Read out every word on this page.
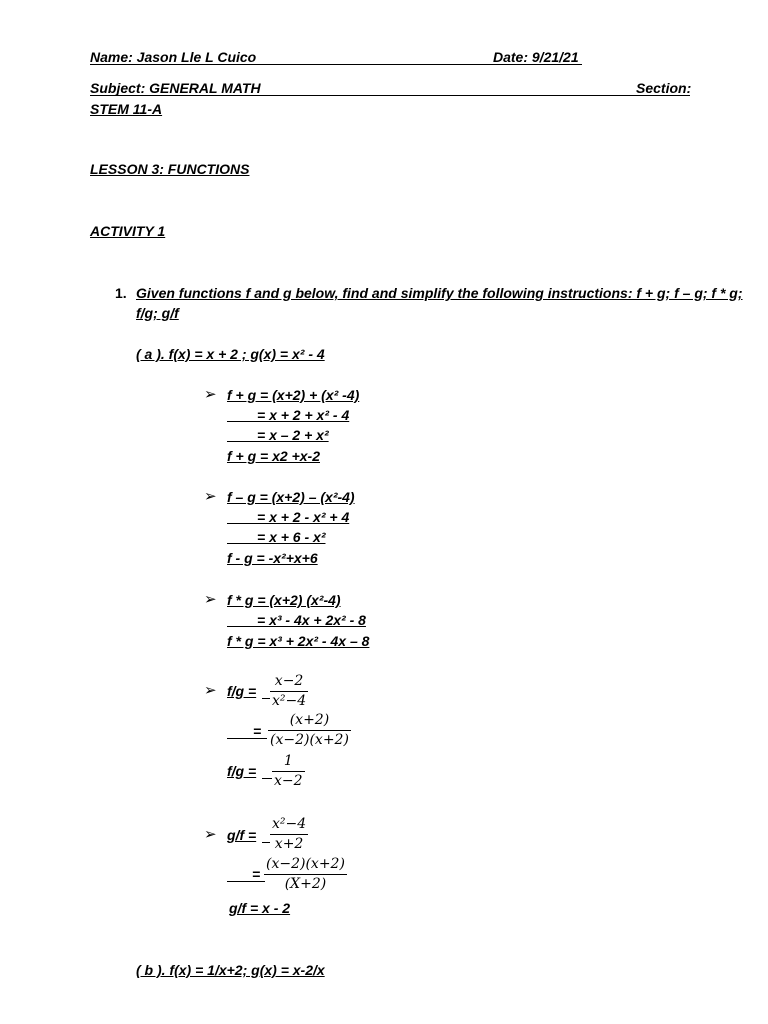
Name: Jason Lle L Cuico	Date: 9/21/21
Subject: GENERAL MATH	Section:
STEM 11-A
LESSON 3: FUNCTIONS
ACTIVITY 1
1. Given functions f and g below, find and simplify the following instructions: f + g; f – g; f * g;
f/g; g/f
( a ). f(x) = x + 2 ; g(x) = x² - 4
➢ f + g = (x+2) + (x² -4)
= x + 2 + x² - 4
= x – 2 + x²
f + g = x2 +x-2
➢ f – g = (x+2) – (x²-4)
= x + 2 - x² + 4
= x + 6 - x²
f - g = -x²+x+6
➢ f * g = (x+2) (x²-4)
= x³ - 4x + 2x² - 8
f * g = x³ + 2x² - 4x – 8
➢ f/g =
x−2
x²−4
=
(x+2)
(x−2)(x+2)
f/g =
1
x−2
➢ g/f =
x²−4
x+2
=
(x−2)(x+2)
(X+2)
g/f = x - 2
( b ). f(x) = 1/x+2; g(x) = x-2/x
